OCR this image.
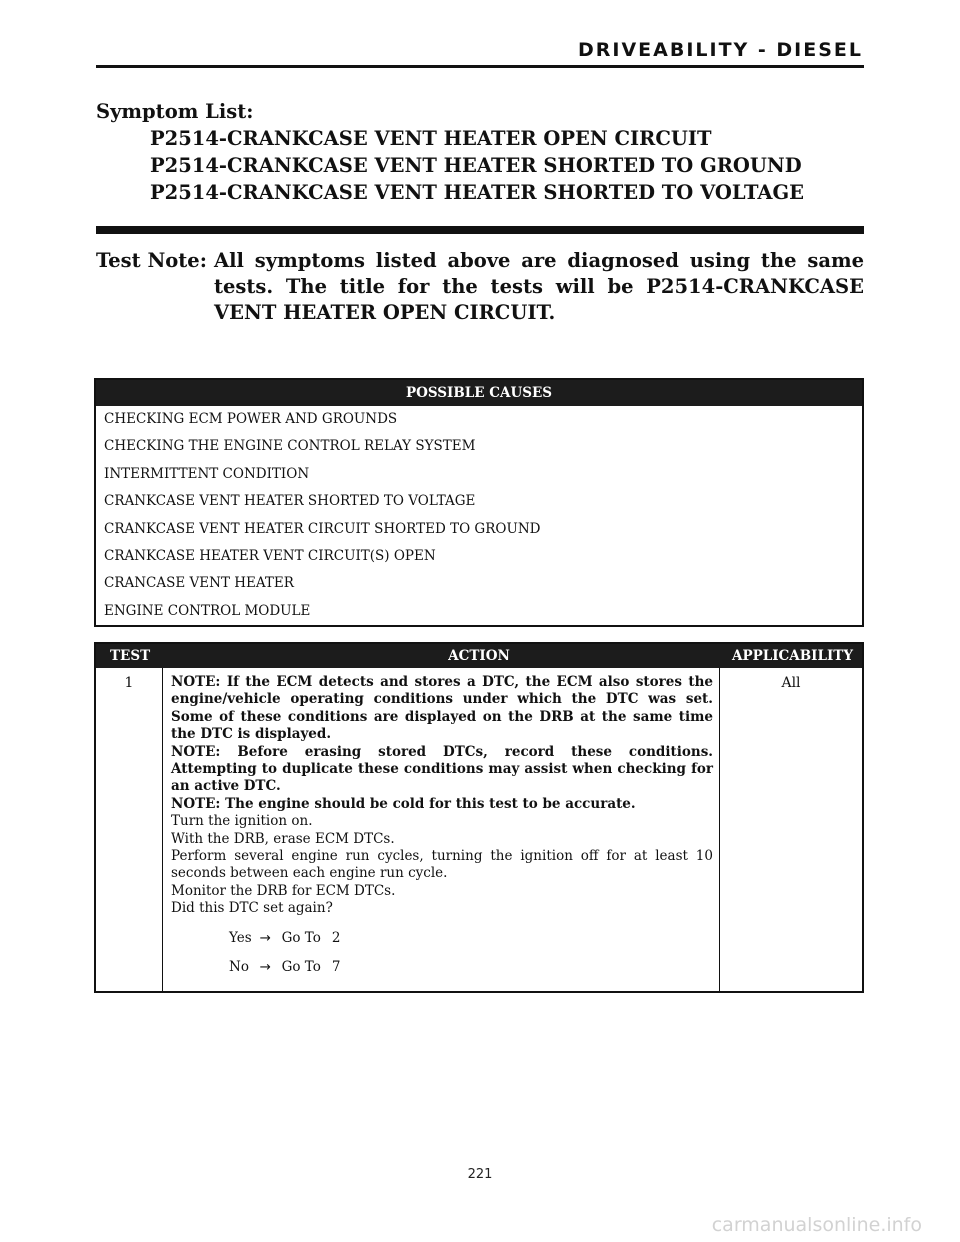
DRIVEABILITY - DIESEL
Symptom List:
P2514-CRANKCASE VENT HEATER OPEN CIRCUIT
P2514-CRANKCASE VENT HEATER SHORTED TO GROUND
P2514-CRANKCASE VENT HEATER SHORTED TO VOLTAGE
Test Note: All symptoms listed above are diagnosed using the same tests. The title for the tests will be P2514-CRANKCASE VENT HEATER OPEN CIRCUIT.
POSSIBLE CAUSES
CHECKING ECM POWER AND GROUNDS
CHECKING THE ENGINE CONTROL RELAY SYSTEM
INTERMITTENT CONDITION
CRANKCASE VENT HEATER SHORTED TO VOLTAGE
CRANKCASE VENT HEATER CIRCUIT SHORTED TO GROUND
CRANKCASE HEATER VENT CIRCUIT(S) OPEN
CRANCASE VENT HEATER
ENGINE CONTROL MODULE
ACTION
TEST	APPLICABILITY
1	NOTE: If the ECM detects and stores a DTC, the ECM also stores the engine/vehicle operating conditions under which the DTC was set. Some of these conditions are displayed on the DRB at the same time the DTC is displayed.
NOTE: Before erasing stored DTCs, record these conditions. Attempting to duplicate these conditions may assist when checking for an active DTC.
NOTE: The engine should be cold for this test to be accurate.
Turn the ignition on.
With the DRB, erase ECM DTCs.
Perform several engine run cycles, turning the ignition off for at least 10 seconds between each engine run cycle.
Monitor the DRB for ECM DTCs.
Did this DTC set again?
Yes → Go To 2
No → Go To 7
All
221
carmanualsonline.info
